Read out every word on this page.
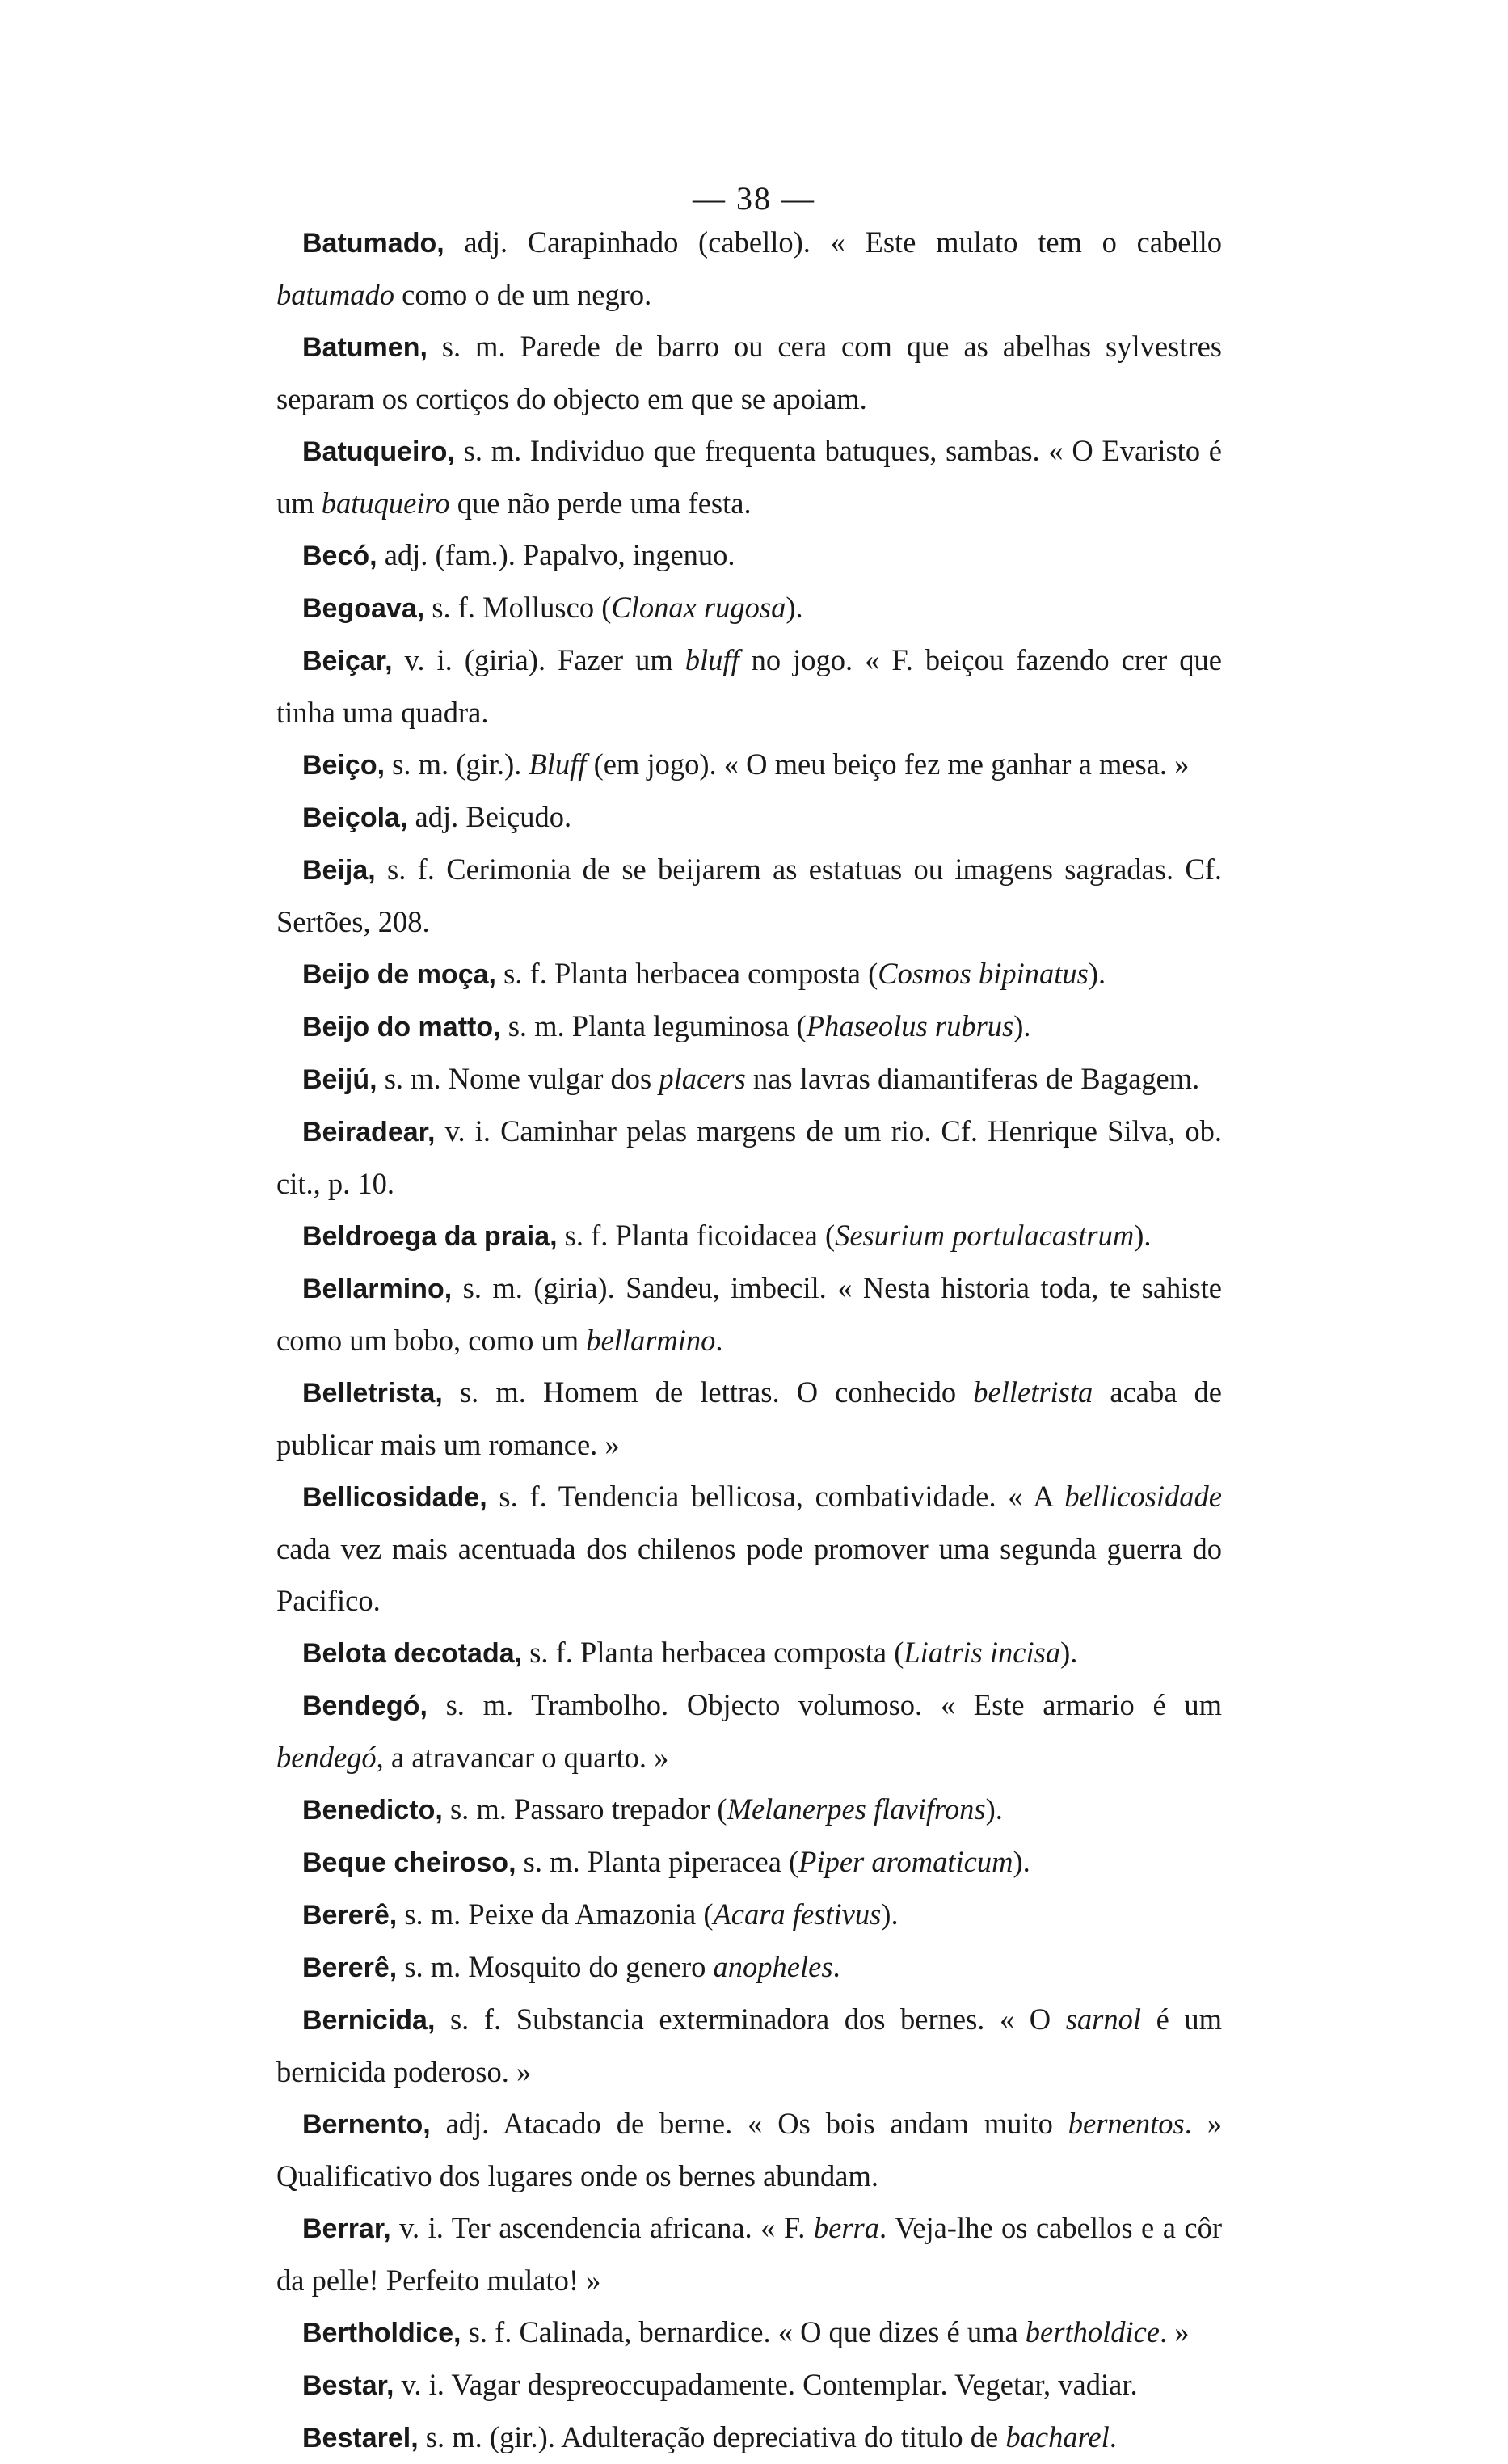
— 38 —

Batumado, adj. Carapinhado (cabello). « Este mulato tem o cabello batumado como o de um negro.

Batumen, s. m. Parede de barro ou cera com que as abelhas sylvestres separam os cortiços do objecto em que se apoiam.

Batuqueiro, s. m. Individuo que frequenta batuques, sambas. « O Evaristo é um batuqueiro que não perde uma festa.

Becó, adj. (fam.). Papalvo, ingenuo.

Begoava, s. f. Mollusco (Clonax rugosa).

Beiçar, v. i. (giria). Fazer um bluff no jogo. « F. beiçou fazendo crer que tinha uma quadra.

Beiço, s. m. (gir.). Bluff (em jogo). « O meu beiço fez me ganhar a mesa. »

Beiçola, adj. Beiçudo.

Beija, s. f. Cerimonia de se beijarem as estatuas ou imagens sagradas. Cf. Sertões, 208.

Beijo de moça, s. f. Planta herbacea composta (Cosmos bipinatus).

Beijo do matto, s. m. Planta leguminosa (Phaseolus rubrus).

Beijú, s. m. Nome vulgar dos placers nas lavras diamantiferas de Bagagem.

Beiradear, v. i. Caminhar pelas margens de um rio. Cf. Henrique Silva, ob. cit., p. 10.

Beldroega da praia, s. f. Planta ficoidacea (Sesurium portulacastrum).

Bellarmino, s. m. (giria). Sandeu, imbecil. « Nesta historia toda, te sahiste como um bobo, como um bellarmino.

Belletrista, s. m. Homem de lettras. O conhecido belletrista acaba de publicar mais um romance. »

Bellicosidade, s. f. Tendencia bellicosa, combatividade. « A bellicosidade cada vez mais acentuada dos chilenos pode promover uma segunda guerra do Pacifico.

Belota decotada, s. f. Planta herbacea composta (Liatris incisa).

Bendegó, s. m. Trambolho. Objecto volumoso. « Este armario é um bendegó, a atravancar o quarto. »

Benedicto, s. m. Passaro trepador (Melanerpes flavifrons).

Beque cheiroso, s. m. Planta piperacea (Piper aromaticum).

Bererê, s. m. Peixe da Amazonia (Acara festivus).

Bererê, s. m. Mosquito do genero anopheles.

Bernicida, s. f. Substancia exterminadora dos bernes. « O sarnol é um bernicida poderoso. »

Bernento, adj. Atacado de berne. « Os bois andam muito bernentos. » Qualificativo dos lugares onde os bernes abundam.

Berrar, v. i. Ter ascendencia africana. « F. berra. Veja-lhe os cabellos e a côr da pelle! Perfeito mulato! »

Bertholdice, s. f. Calinada, bernardice. « O que dizes é uma bertholdice. »

Bestar, v. i. Vagar despreoccupadamente. Contemplar. Vegetar, vadiar.

Bestarel, s. m. (gir.). Adulteração depreciativa do titulo de bacharel.
